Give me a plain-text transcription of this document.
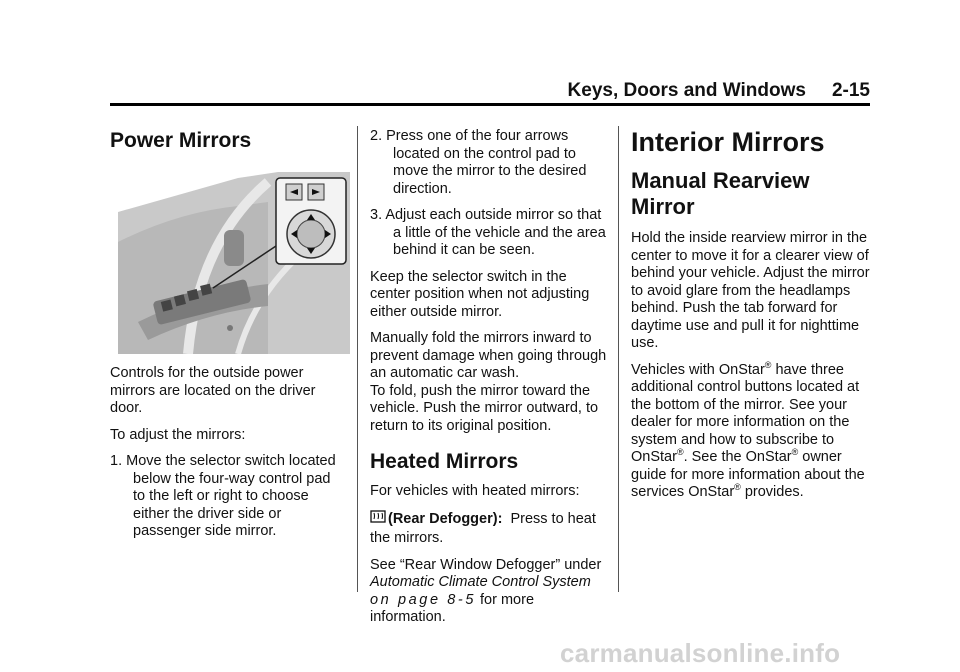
Keys, Doors and Windows 2-15
Power Mirrors

Controls for the outside power mirrors are located on the driver door.

To adjust the mirrors:

1. Move the selector switch located below the four-way control pad to the left or right to choose either the driver side or passenger side mirror.

2. Press one of the four arrows located on the control pad to move the mirror to the desired direction.

3. Adjust each outside mirror so that a little of the vehicle and the area behind it can be seen.

Keep the selector switch in the center position when not adjusting either outside mirror.

Manually fold the mirrors inward to prevent damage when going through an automatic car wash.

To fold, push the mirror toward the vehicle. Push the mirror outward, to return to its original position.

Heated Mirrors

For vehicles with heated mirrors:

(Rear Defogger): Press to heat the mirrors.

See “Rear Window Defogger” under
Automatic Climate Control System
on page 8-5 for more information.

Interior Mirrors
Manual Rearview Mirror

Hold the inside rearview mirror in the center to move it for a clearer view of behind your vehicle. Adjust the mirror to avoid glare from the headlamps behind. Push the tab forward for daytime use and pull it for nighttime use.

Vehicles with OnStar® have three additional control buttons located at the bottom of the mirror. See your dealer for more information on the system and how to subscribe to OnStar®. See the OnStar® owner guide for more information about the services OnStar® provides.

carmanualsonline.info
